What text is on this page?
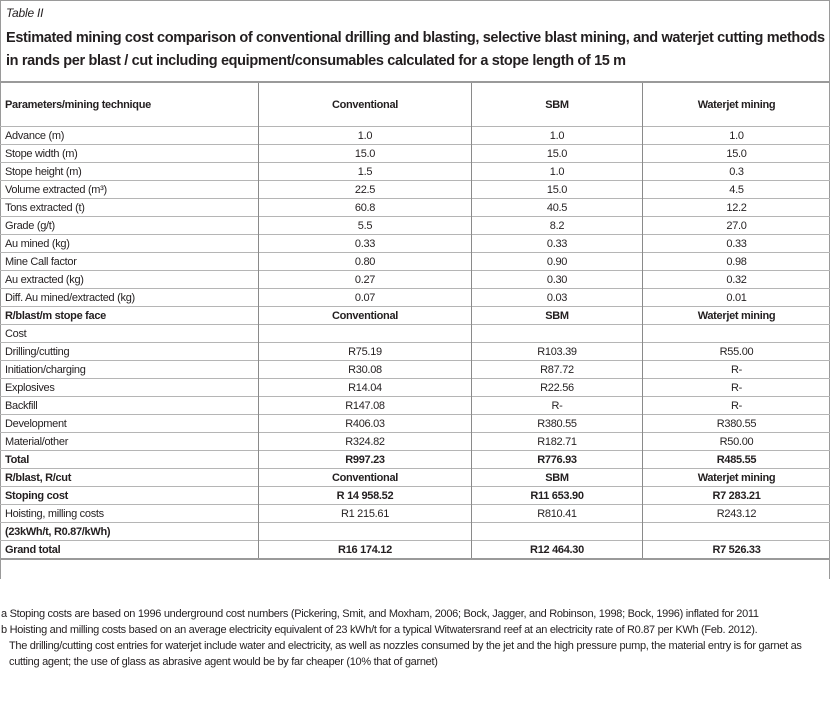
Table II
Estimated mining cost comparison of conventional drilling and blasting, selective blast mining, and waterjet cutting methods in rands per blast / cut including equipment/consumables calculated for a stope length of 15 m
Parameters/mining technique	Conventional	SBM	Waterjet mining
Advance (m)	1.0	1.0	1.0
Stope width (m)	15.0	15.0	15.0
Stope height (m)	1.5	1.0	0.3
Volume extracted (m³)	22.5	15.0	4.5
Tons extracted (t)	60.8	40.5	12.2
Grade (g/t)	5.5	8.2	27.0
Au mined (kg)	0.33	0.33	0.33
Mine Call factor	0.80	0.90	0.98
Au extracted (kg)	0.27	0.30	0.32
Diff. Au mined/extracted (kg)	0.07	0.03	0.01
R/blast/m stope face	Conventional	SBM	Waterjet mining
Cost			
Drilling/cutting	R75.19	R103.39	R55.00
Initiation/charging	R30.08	R87.72	R-
Explosives	R14.04	R22.56	R-
Backfill	R147.08	R-	R-
Development	R406.03	R380.55	R380.55
Material/other	R324.82	R182.71	R50.00
Total	R997.23	R776.93	R485.55
R/blast, R/cut	Conventional	SBM	Waterjet mining
Stoping cost	R 14 958.52	R11 653.90	R7 283.21
Hoisting, milling costs	R1 215.61	R810.41	R243.12
(23kWh/t, R0.87/kWh)			
Grand total	R16 174.12	R12 464.30	R7 526.33
a Stoping costs are based on 1996 underground cost numbers (Pickering, Smit, and Moxham, 2006; Bock, Jagger, and Robinson, 1998; Bock, 1996) inflated for 2011
b Hoisting and milling costs based on an average electricity equivalent of 23 kWh/t for a typical Witwatersrand reef at an electricity rate of R0.87 per KWh (Feb. 2012).
The drilling/cutting cost entries for waterjet include water and electricity, as well as nozzles consumed by the jet and the high pressure pump, the material entry is for garnet as cutting agent; the use of glass as abrasive agent would be by far cheaper (10% that of garnet)
